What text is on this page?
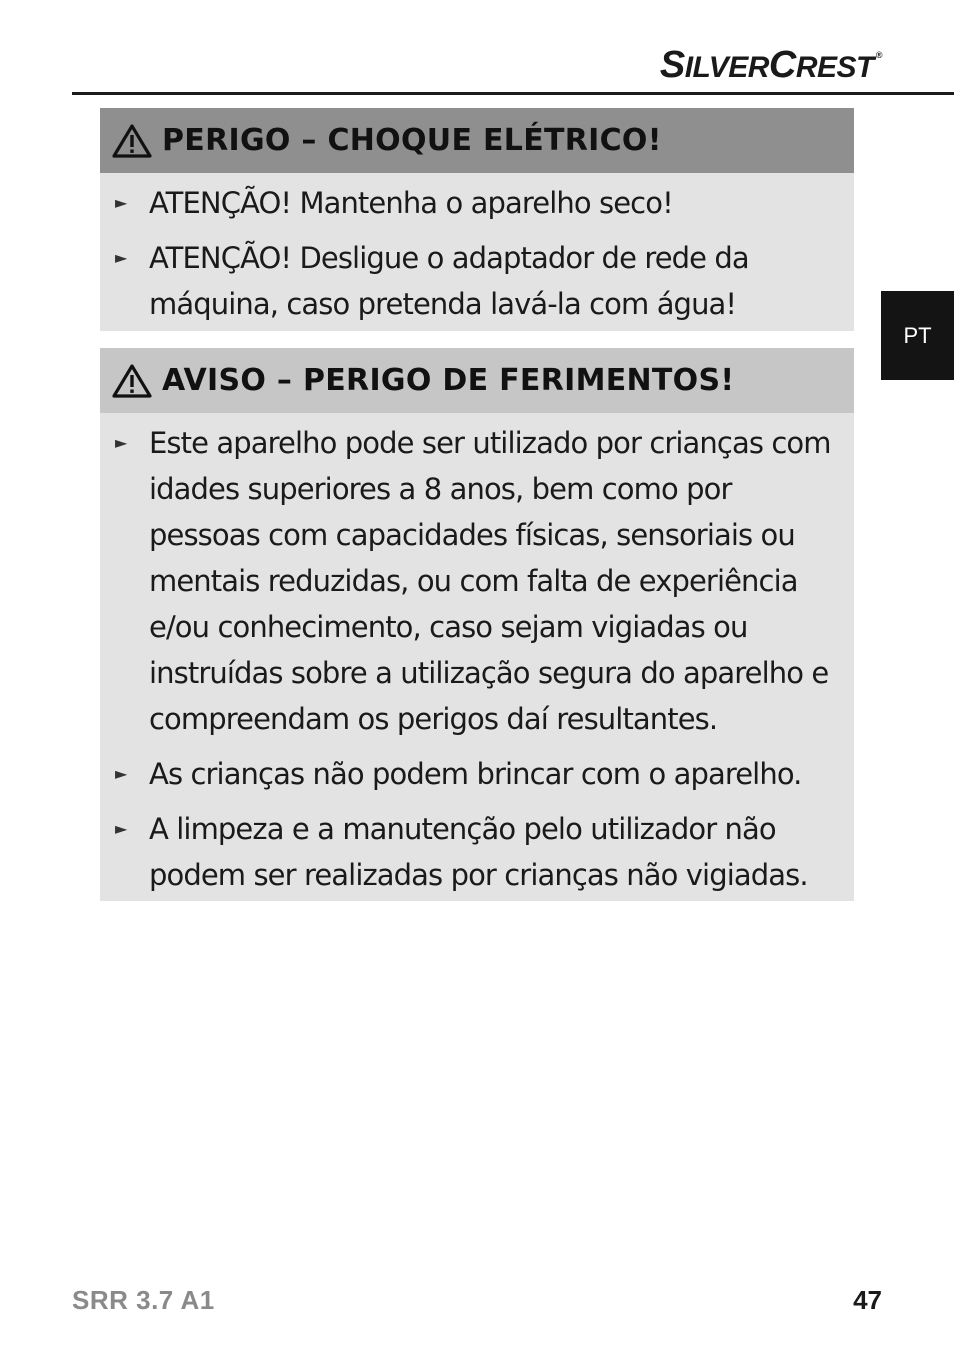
SILVERCREST ®
PT
PERIGO – CHOQUE ELÉTRICO!
► ATENÇÃO! Mantenha o aparelho seco!
► ATENÇÃO! Desligue o adaptador de rede da máquina, caso pretenda lavá-la com água!
AVISO – PERIGO DE FERIMENTOS!
► Este aparelho pode ser utilizado por crianças com idades superiores a 8 anos, bem como por pessoas com capacidades físicas, sensoriais ou mentais reduzidas, ou com falta de experiência e/ou conhecimento, caso sejam vigiadas ou instruídas sobre a utilização segura do aparelho e compreendam os perigos daí resultantes.
► As crianças não podem brincar com o aparelho.
► A limpeza e a manutenção pelo utilizador não podem ser realizadas por crianças não vigiadas.
SRR 3.7 A1	47
